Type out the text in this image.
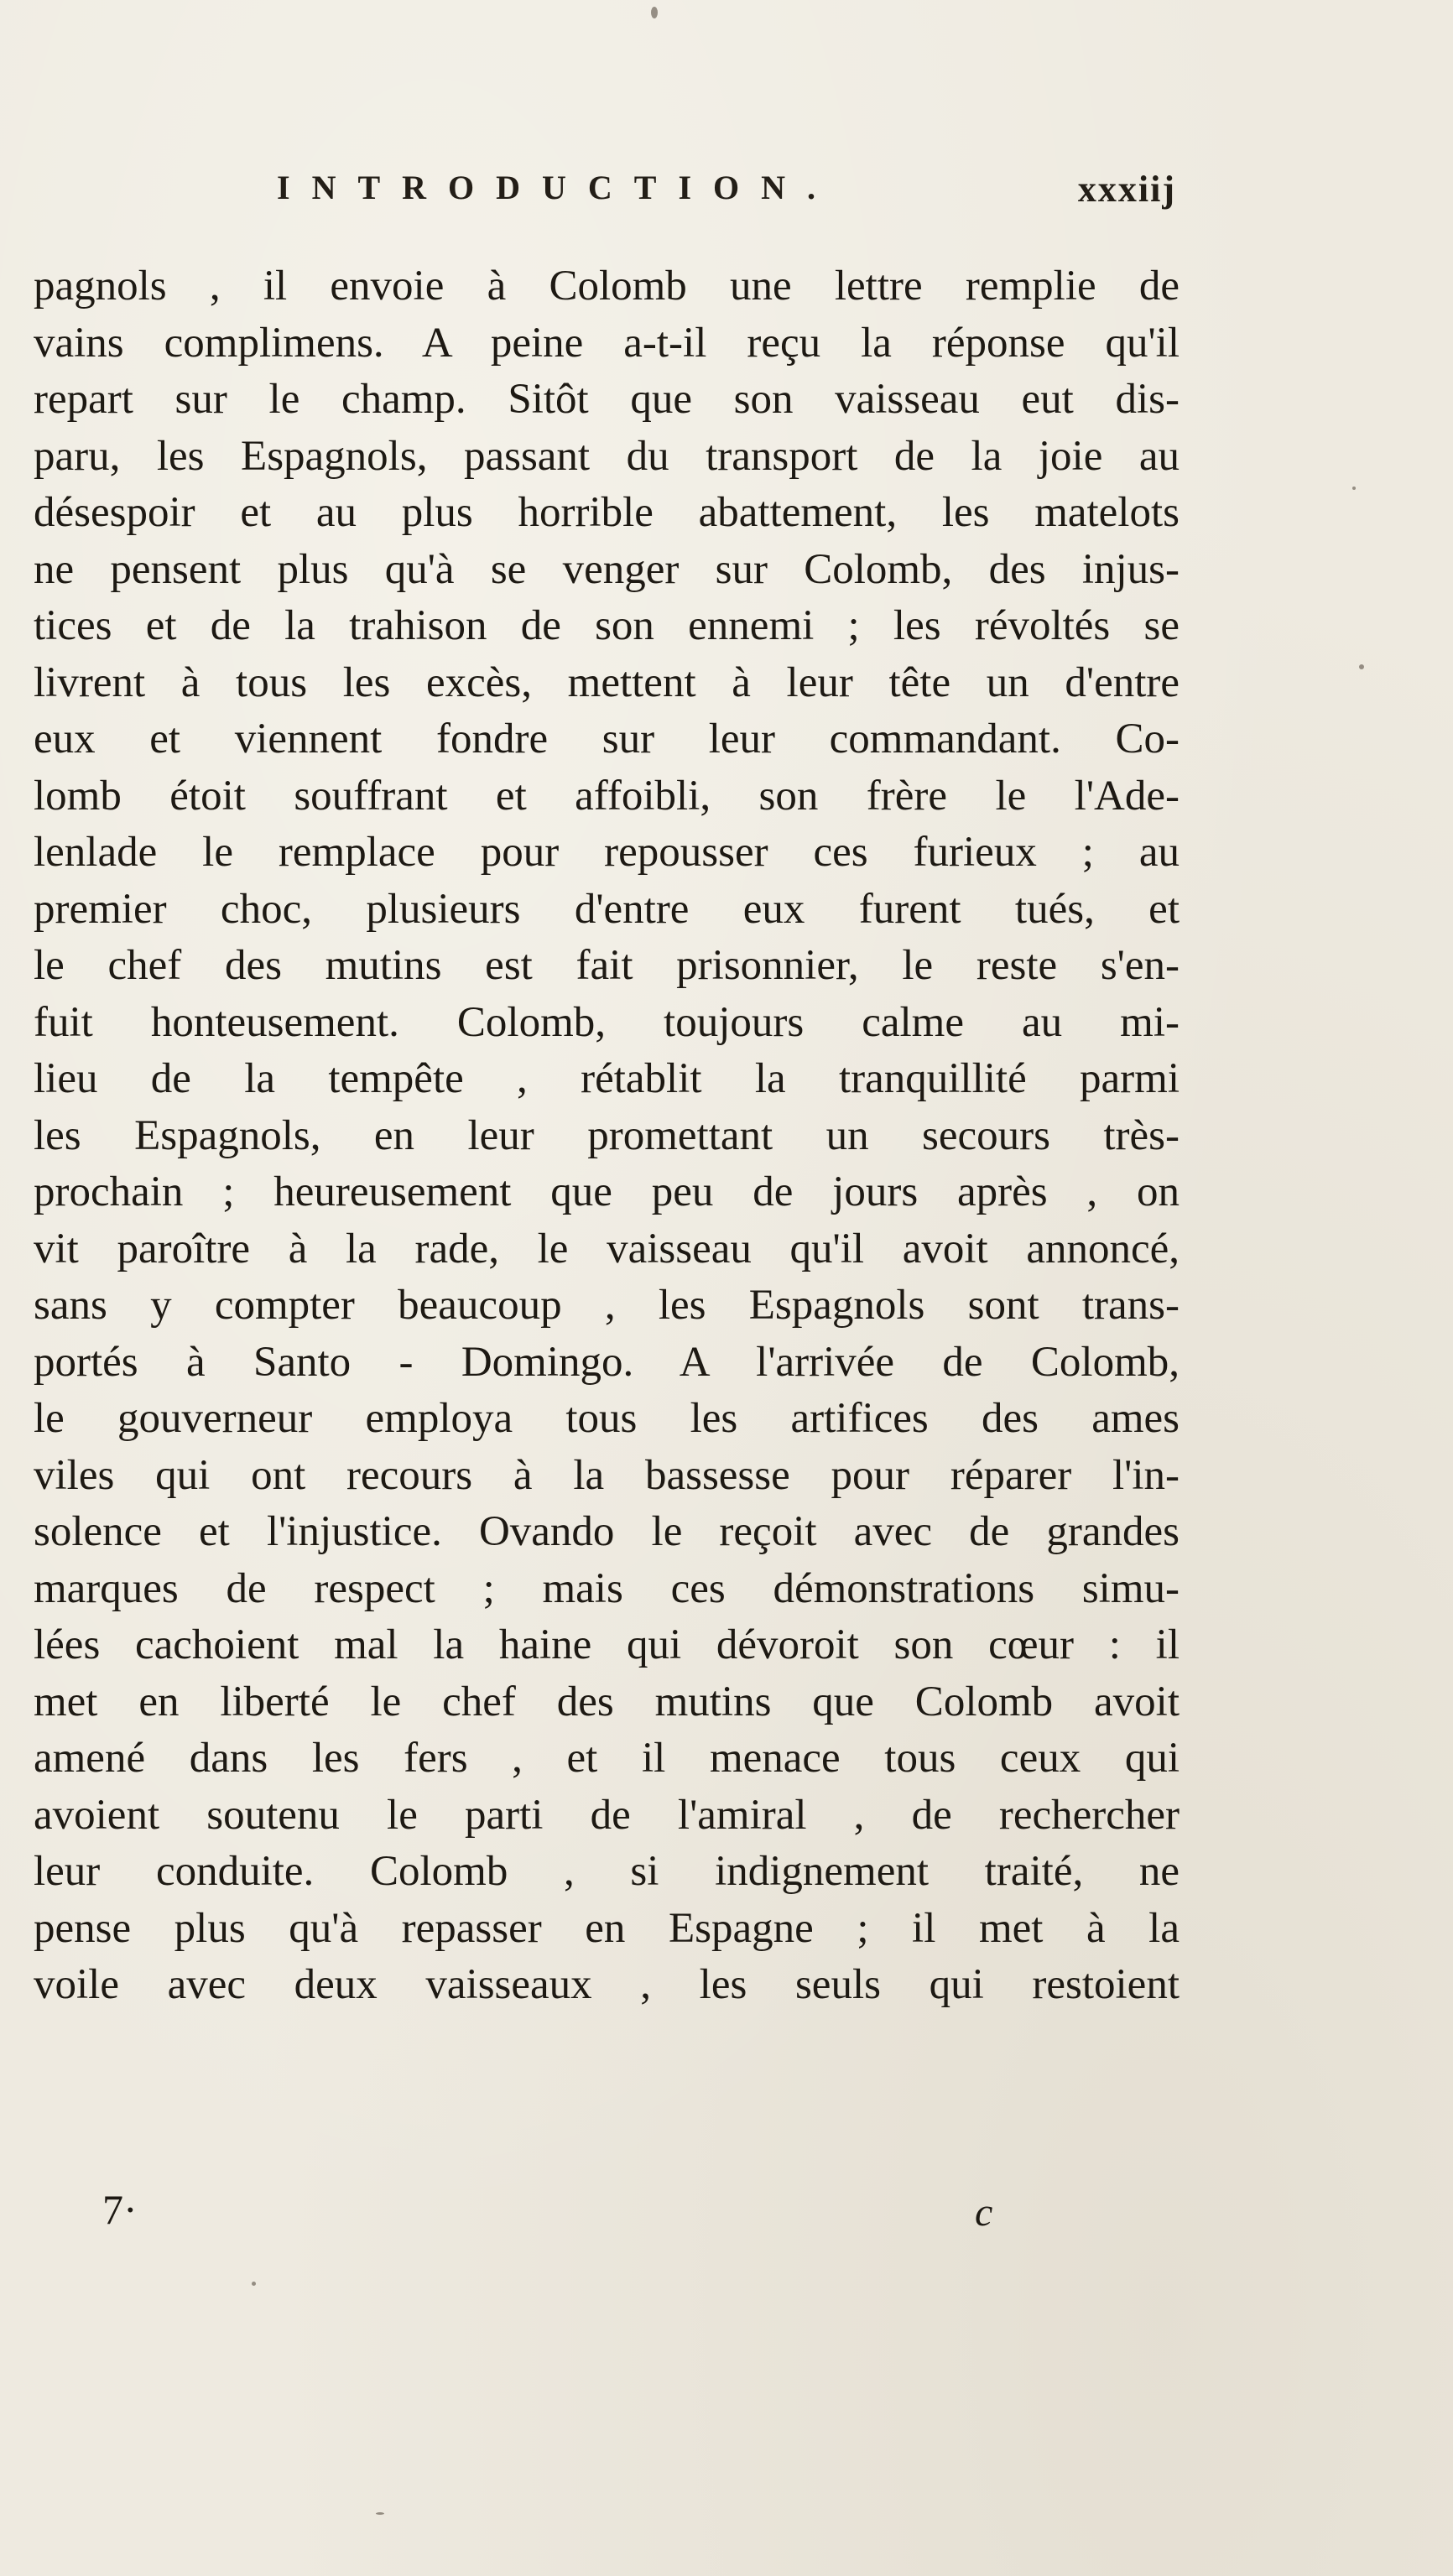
INTRODUCTION.	xxxiij
pagnols , il envoie à Colomb une lettre remplie de
vains complimens. A peine a-t-il reçu la réponse qu'il
repart sur le champ. Sitôt que son vaisseau eut dis-
paru, les Espagnols, passant du transport de la joie au
désespoir et au plus horrible abattement, les matelots
ne pensent plus qu'à se venger sur Colomb, des injus-
tices et de la trahison de son ennemi ; les révoltés se
livrent à tous les excès, mettent à leur tête un d'entre
eux et viennent fondre sur leur commandant. Co-
lomb étoit souffrant et affoibli, son frère le l'Ade-
lenlade le remplace pour repousser ces furieux ; au
premier choc, plusieurs d'entre eux furent tués, et
le chef des mutins est fait prisonnier, le reste s'en-
fuit honteusement. Colomb, toujours calme au mi-
lieu de la tempête , rétablit la tranquillité parmi
les Espagnols, en leur promettant un secours très-
prochain ; heureusement que peu de jours après , on
vit paroître à la rade, le vaisseau qu'il avoit annoncé,
sans y compter beaucoup , les Espagnols sont trans-
portés à Santo - Domingo. A l'arrivée de Colomb,
le gouverneur employa tous les artifices des ames
viles qui ont recours à la bassesse pour réparer l'in-
solence et l'injustice. Ovando le reçoit avec de grandes
marques de respect ; mais ces démonstrations simu-
lées cachoient mal la haine qui dévoroit son cœur : il
met en liberté le chef des mutins que Colomb avoit
amené dans les fers , et il menace tous ceux qui
avoient soutenu le parti de l'amiral , de rechercher
leur conduite. Colomb , si indignement traité, ne
pense plus qu'à repasser en Espagne ; il met à la
voile avec deux vaisseaux , les seuls qui restoient
7·	c
